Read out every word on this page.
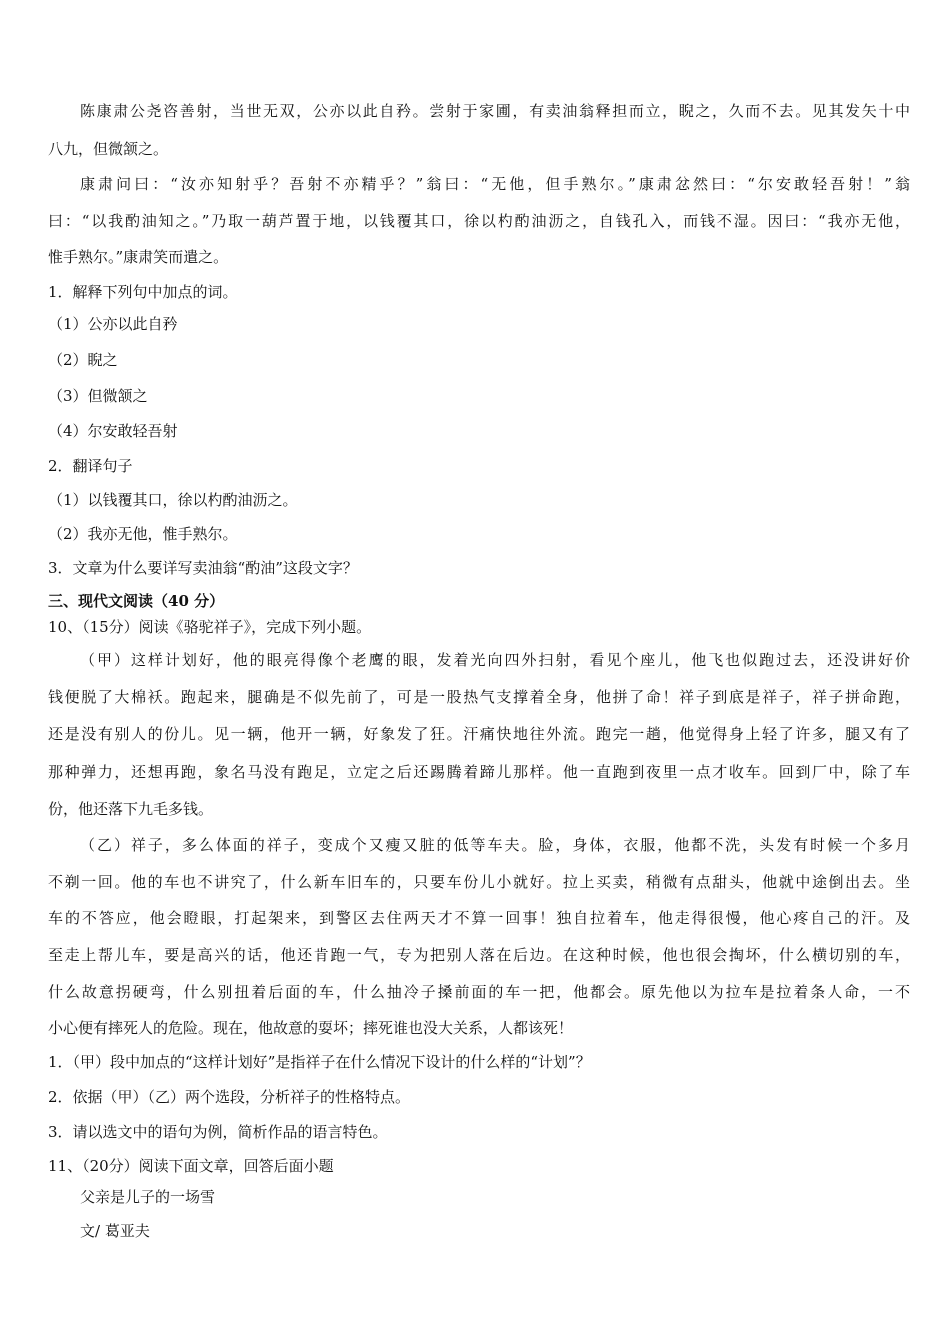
陈康肃公尧咨善射，当世无双，公亦以此自矜。尝射于家圃，有卖油翁释担而立，睨之，久而不去。见其发矢十中
八九，但微颔之。
康肃问曰：“汝亦知射乎？吾射不亦精乎？”翁曰：“无他，但手熟尔。”康肃忿然曰：“尔安敢轻吾射！”翁
曰：“以我酌油知之。”乃取一葫芦置于地，以钱覆其口，徐以杓酌油沥之，自钱孔入，而钱不湿。因曰：“我亦无他，
惟手熟尔。”康肃笑而遣之。
1．解释下列句中加点的词。
（1）公亦以此自矜
（2）睨之
（3）但微颔之
（4）尔安敢轻吾射
2．翻译句子
（1）以钱覆其口，徐以杓酌油沥之。
（2）我亦无他，惟手熟尔。
3．文章为什么要详写卖油翁“酌油”这段文字？
三、现代文阅读（40 分）
10、（15分）阅读《骆驼祥子》，完成下列小题。
（甲）这样计划好，他的眼亮得像个老鹰的眼，发着光向四外扫射，看见个座儿，他飞也似跑过去，还没讲好价
钱便脱了大棉袄。跑起来，腿确是不似先前了，可是一股热气支撑着全身，他拼了命！祥子到底是祥子，祥子拼命跑，
还是没有别人的份儿。见一辆，他开一辆，好象发了狂。汗痛快地往外流。跑完一趟，他觉得身上轻了许多，腿又有了
那种弹力，还想再跑，象名马没有跑足，立定之后还踢腾着蹄儿那样。他一直跑到夜里一点才收车。回到厂中，除了车
份，他还落下九毛多钱。
（乙）祥子，多么体面的祥子，变成个又瘦又脏的低等车夫。脸，身体，衣服，他都不洗，头发有时候一个多月
不剃一回。他的车也不讲究了，什么新车旧车的，只要车份儿小就好。拉上买卖，稍微有点甜头，他就中途倒出去。坐
车的不答应，他会瞪眼，打起架来，到警区去住两天才不算一回事！独自拉着车，他走得很慢，他心疼自己的汗。及
至走上帮儿车，要是高兴的话，他还肯跑一气，专为把别人落在后边。在这种时候，他也很会掏坏，什么横切别的车，
什么故意拐硬弯，什么别扭着后面的车，什么抽冷子搡前面的车一把，他都会。原先他以为拉车是拉着条人命，一不
小心便有摔死人的危险。现在，他故意的耍坏；摔死谁也没大关系，人都该死！
1．（甲）段中加点的“这样计划好”是指祥子在什么情况下设计的什么样的“计划”？
2．依据（甲）（乙）两个选段，分析祥子的性格特点。
3．请以选文中的语句为例，简析作品的语言特色。
11、（20分）阅读下面文章，回答后面小题
父亲是儿子的一场雪
文/ 葛亚夫
